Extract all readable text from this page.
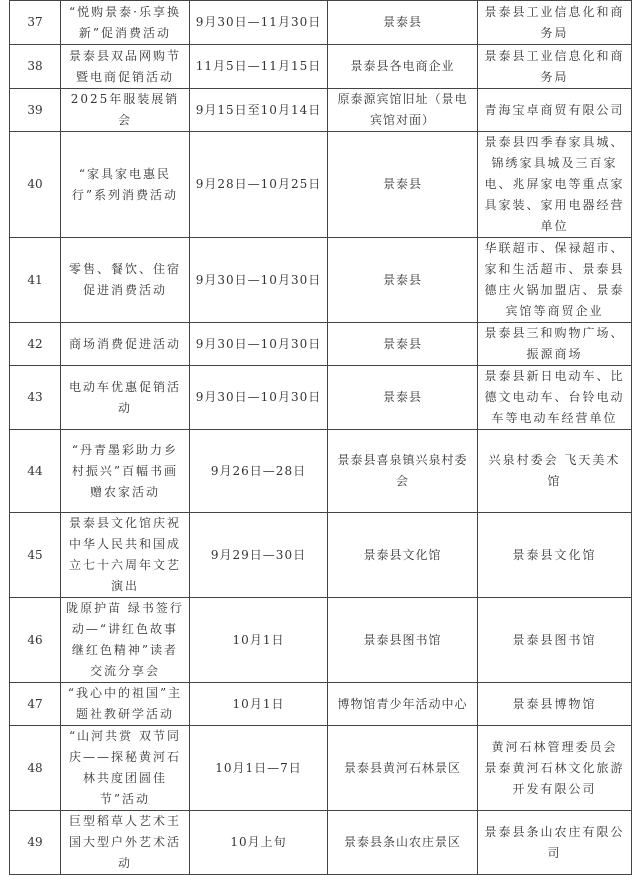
37	“悦购景泰·乐享换新”促消费活动	9月30日—11月30日	景泰县	景泰县工业信息化和商务局
38	景泰县双品网购节暨电商促销活动	11月5日—11月15日	景泰县各电商企业	景泰县工业信息化和商务局
39	2025年服装展销会	9月15日至10月14日	原泰源宾馆旧址（景电宾馆对面）	青海宝卓商贸有限公司
40	“家具家电惠民行”系列消费活动	9月28日—10月25日	景泰县	景泰县四季春家具城、锦绣家具城及三百家电、兆屏家电等重点家具家装、家用电器经营单位
41	零售、餐饮、住宿促进消费活动	9月30日—10月30日	景泰县	华联超市、保禄超市、家和生活超市、景泰县德庄火锅加盟店、景泰宾馆等商贸企业
42	商场消费促进活动	9月30日—10月30日	景泰县	景泰县三和购物广场、振源商场
43	电动车优惠促销活动	9月30日—10月30日	景泰县	景泰县新日电动车、比德文电动车、台铃电动车等电动车经营单位
44	“丹青墨彩助力乡村振兴”百幅书画赠农家活动	9月26日—28日	景泰县喜泉镇兴泉村委会	兴泉村委会 飞天美术馆
45	景泰县文化馆庆祝中华人民共和国成立七十六周年文艺演出	9月29日—30日	景泰县文化馆	景泰县文化馆
46	陇原护苗 绿书签行动—“讲红色故事 继红色精神”读者交流分享会	10月1日	景泰县图书馆	景泰县图书馆
47	“我心中的祖国”主题社教研学活动	10月1日	博物馆青少年活动中心	景泰县博物馆
48	“山河共赏 双节同庆——探秘黄河石林共度团圆佳节”活动	10月1日—7日	景泰县黄河石林景区	黄河石林管理委员会 景泰黄河石林文化旅游开发有限公司
49	巨型稻草人艺术王国大型户外艺术活动	10月上旬	景泰县条山农庄景区	景泰县条山农庄有限公司
